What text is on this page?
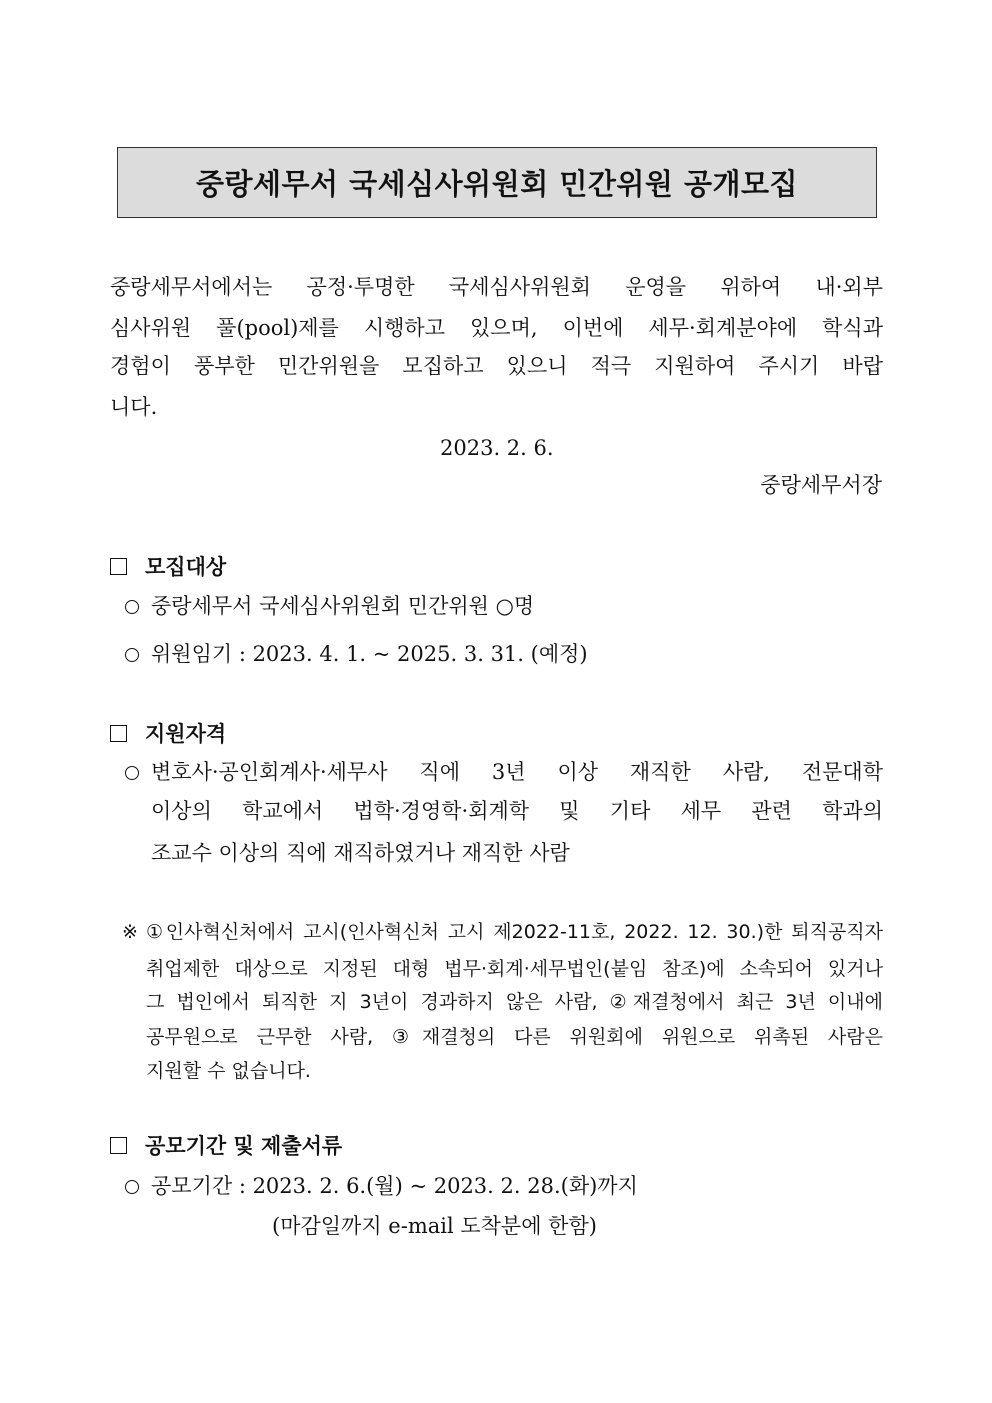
중랑세무서 국세심사위원회 민간위원 공개모집
중랑세무서에서는 공정·투명한 국세심사위원회 운영을 위하여 내·외부
심사위원 풀(pool)제를 시행하고 있으며, 이번에 세무·회계분야에 학식과
경험이 풍부한 민간위원을 모집하고 있으니 적극 지원하여 주시기 바랍
니다.
2023. 2. 6.
중랑세무서장
모집대상
중랑세무서 국세심사위원회 민간위원 ○명
위원임기 : 2023. 4. 1. ~ 2025. 3. 31. (예정)
지원자격
변호사·공인회계사·세무사 직에 3년 이상 재직한 사람, 전문대학
이상의 학교에서 법학·경영학·회계학 및 기타 세무 관련 학과의
조교수 이상의 직에 재직하였거나 재직한 사람
※ ①인사혁신처에서 고시(인사혁신처 고시 제2022-11호, 2022. 12. 30.)한 퇴직공직자
취업제한 대상으로 지정된 대형 법무·회계·세무법인(붙임 참조)에 소속되어 있거나
그 법인에서 퇴직한 지 3년이 경과하지 않은 사람, ②재결청에서 최근 3년 이내에
공무원으로 근무한 사람, ③재결청의 다른 위원회에 위원으로 위촉된 사람은
지원할 수 없습니다.
공모기간 및 제출서류
공모기간 : 2023. 2. 6.(월) ~ 2023. 2. 28.(화)까지
(마감일까지 e-mail 도착분에 한함)
